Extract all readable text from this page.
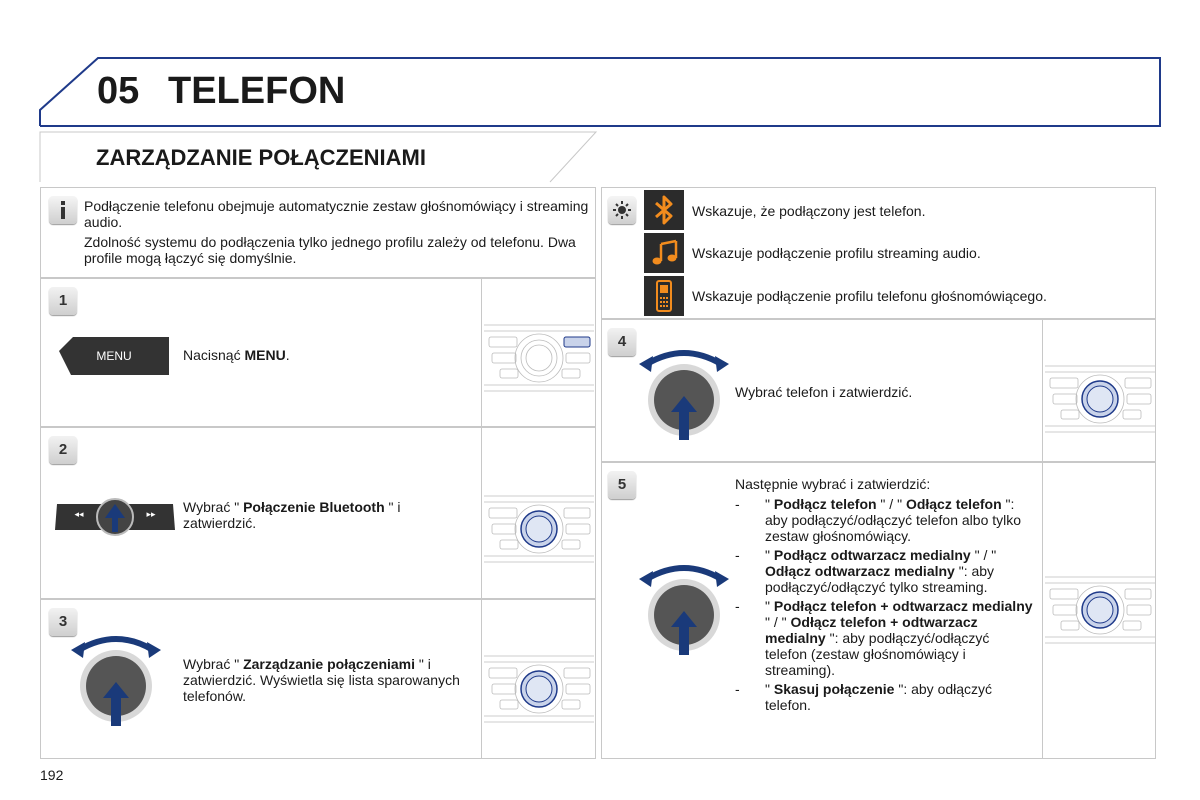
05 TELEFON
ZARZĄDZANIE POŁĄCZENIAMI

Podłączenie telefonu obejmuje automatycznie zestaw głośnomówiący i streaming audio.

Zdolność systemu do podłączenia tylko jednego profilu zależy od telefonu. Dwa profile mogą łączyć się domyślnie.

Wskazuje, że podłączony jest telefon.
Wskazuje podłączenie profilu streaming audio.
Wskazuje podłączenie profilu telefonu głośnomówiącego.
1
MENU	Nacisnąć MENU.
2
◂◂	▸▸	Wybrać " Połączenie Bluetooth " i zatwierdzić.
3
Wybrać " Zarządzanie połączeniami " i zatwierdzić. Wyświetla się lista sparowanych telefonów.
4
Wybrać telefon i zatwierdzić.
5	Następnie wybrać i zatwierdzić:
- " Podłącz telefon " / " Odłącz telefon ": aby podłączyć/odłączyć telefon albo tylko zestaw głośnomówiący.
- " Podłącz odtwarzacz medialny " / " Odłącz odtwarzacz medialny ": aby podłączyć/odłączyć tylko streaming.
- " Podłącz telefon + odtwarzacz medialny " / " Odłącz telefon + odtwarzacz medialny ": aby podłączyć/odłączyć telefon (zestaw głośnomówiący i streaming).
- " Skasuj połączenie ": aby odłączyć telefon.
192
